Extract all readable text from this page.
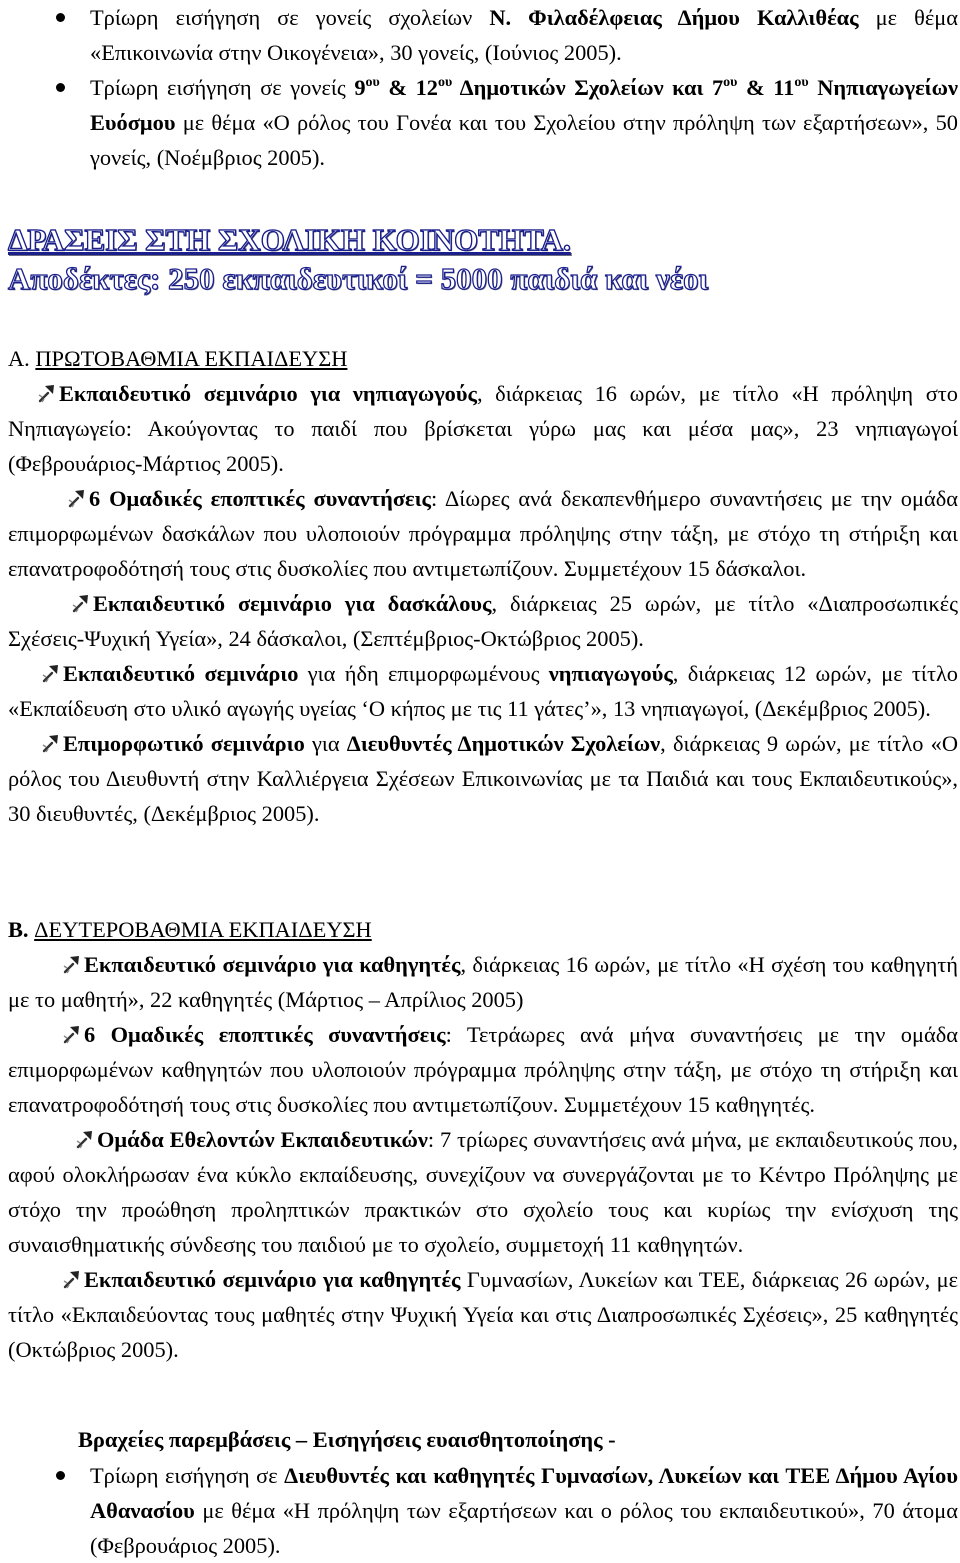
Τρίωρη εισήγηση σε γονείς σχολείων Ν. Φιλαδέλφειας Δήμου Καλλιθέας με θέμα «Επικοινωνία στην Οικογένεια», 30 γονείς, (Ιούνιος 2005).

Τρίωρη εισήγηση σε γονείς $9^{o\upsilon}$ & $12^{o\upsilon}$ Δημοτικών Σχολείων και $7^{o\upsilon}$ & $11^{o\upsilon}$ Νηπιαγωγείων Ευόσμου με θέμα «Ο ρόλος του Γονέα και του Σχολείου στην πρόληψη των εξαρτήσεων», 50 γονείς, (Νοέμβριος 2005).

ΔΡΑΣΕΙΣ ΣΤΗ ΣΧΟΛΙΚΗ ΚΟΙΝΟΤΗΤΑ.
Αποδέκτες: 250 εκπαιδευτικοί = 5000 παιδιά και νέοι

Α. ΠΡΩΤΟΒΑΘΜΙΑ ΕΚΠΑΙΔΕΥΣΗ

Εκπαιδευτικό σεμινάριο για νηπιαγωγούς, διάρκειας 16 ωρών, με τίτλο «Η πρόληψη στο Νηπιαγωγείο: Ακούγοντας το παιδί που βρίσκεται γύρω μας και μέσα μας», 23 νηπιαγωγοί (Φεβρουάριος-Μάρτιος 2005).

6 Ομαδικές εποπτικές συναντήσεις: Δίωρες ανά δεκαπενθήμερο συναντήσεις με την ομάδα επιμορφωμένων δασκάλων που υλοποιούν πρόγραμμα πρόληψης στην τάξη, με στόχο τη στήριξη και επανατροφοδότησή τους στις δυσκολίες που αντιμετωπίζουν. Συμμετέχουν 15 δάσκαλοι.

Εκπαιδευτικό σεμινάριο για δασκάλους, διάρκειας 25 ωρών, με τίτλο «Διαπροσωπικές Σχέσεις-Ψυχική Υγεία», 24 δάσκαλοι, (Σεπτέμβριος-Οκτώβριος 2005).

Εκπαιδευτικό σεμινάριο για ήδη επιμορφωμένους νηπιαγωγούς, διάρκειας 12 ωρών, με τίτλο «Εκπαίδευση στο υλικό αγωγής υγείας ‘Ο κήπος με τις 11 γάτες’», 13 νηπιαγωγοί, (Δεκέμβριος 2005).

Επιμορφωτικό σεμινάριο για Διευθυντές Δημοτικών Σχολείων, διάρκειας 9 ωρών, με τίτλο «Ο ρόλος του Διευθυντή στην Καλλιέργεια Σχέσεων Επικοινωνίας με τα Παιδιά και τους Εκπαιδευτικούς», 30 διευθυντές, (Δεκέμβριος 2005).

Β. ΔΕΥΤΕΡΟΒΑΘΜΙΑ ΕΚΠΑΙΔΕΥΣΗ

Εκπαιδευτικό σεμινάριο για καθηγητές, διάρκειας 16 ωρών, με τίτλο «Η σχέση του καθηγητή με το μαθητή», 22 καθηγητές (Μάρτιος – Απρίλιος 2005)

6 Ομαδικές εποπτικές συναντήσεις: Τετράωρες ανά μήνα συναντήσεις με την ομάδα επιμορφωμένων καθηγητών που υλοποιούν πρόγραμμα πρόληψης στην τάξη, με στόχο τη στήριξη και επανατροφοδότησή τους στις δυσκολίες που αντιμετωπίζουν. Συμμετέχουν 15 καθηγητές.

Ομάδα Εθελοντών Εκπαιδευτικών: 7 τρίωρες συναντήσεις ανά μήνα, με εκπαιδευτικούς που, αφού ολοκλήρωσαν ένα κύκλο εκπαίδευσης, συνεχίζουν να συνεργάζονται με το Κέντρο Πρόληψης με στόχο την προώθηση προληπτικών πρακτικών στο σχολείο τους και κυρίως την ενίσχυση της συναισθηματικής σύνδεσης του παιδιού με το σχολείο, συμμετοχή 11 καθηγητών.

Εκπαιδευτικό σεμινάριο για καθηγητές Γυμνασίων, Λυκείων και ΤΕΕ, διάρκειας 26 ωρών, με τίτλο «Εκπαιδεύοντας τους μαθητές στην Ψυχική Υγεία και στις Διαπροσωπικές Σχέσεις», 25 καθηγητές (Οκτώβριος 2005).

Βραχείες παρεμβάσεις – Εισηγήσεις ευαισθητοποίησης -

Τρίωρη εισήγηση σε Διευθυντές και καθηγητές Γυμνασίων, Λυκείων και ΤΕΕ Δήμου Αγίου Αθανασίου με θέμα «Η πρόληψη των εξαρτήσεων και ο ρόλος του εκπαιδευτικού», 70 άτομα (Φεβρουάριος 2005).
